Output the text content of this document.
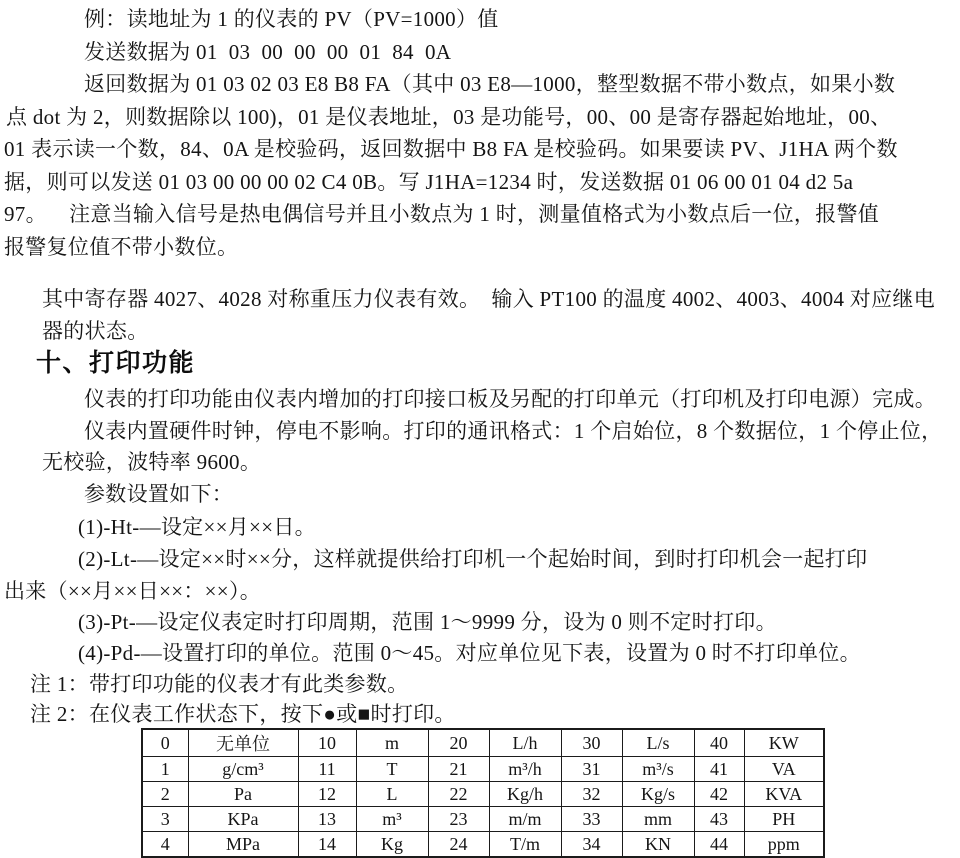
例：读地址为 1 的仪表的 PV（PV=1000）值
发送数据为 01  03  00  00  00  01  84  0A
返回数据为 01 03 02 03 E8 B8 FA（其中 03 E8—1000，整型数据不带小数点，如果小数
点 dot 为 2，则数据除以 100)，01 是仪表地址，03 是功能号，00、00 是寄存器起始地址，00、
01 表示读一个数，84、0A 是校验码，返回数据中 B8 FA 是校验码。如果要读 PV、J1HA 两个数
据，则可以发送 01 03 00 00 00 02 C4 0B。写 J1HA=1234 时，发送数据 01 06 00 01 04 d2 5a
97。    注意当输入信号是热电偶信号并且小数点为 1 时，测量值格式为小数点后一位，报警值
报警复位值不带小数位。
其中寄存器 4027、4028 对称重压力仪表有效。  输入 PT100 的温度 4002、4003、4004 对应继电
器的状态。
十、打印功能
仪表的打印功能由仪表内增加的打印接口板及另配的打印单元（打印机及打印电源）完成。
仪表内置硬件时钟，停电不影响。打印的通讯格式：1 个启始位，8 个数据位，1 个停止位，
无校验，波特率 9600。
参数设置如下：
(1)-Ht-—设定××月××日。
(2)-Lt-—设定××时××分，这样就提供给打印机一个起始时间，到时打印机会一起打印
出来（××月××日××：××）。
(3)-Pt-—设定仪表定时打印周期，范围 1～9999 分，设为 0 则不定时打印。
(4)-Pd-—设置打印的单位。范围 0～45。对应单位见下表，设置为 0 时不打印单位。
注 1：带打印功能的仪表才有此类参数。
注 2：在仪表工作状态下，按下●或■时打印。
0	无单位	10	m	20	L/h	30	L/s	40	KW
1	g/cm³	11	T	21	m³/h	31	m³/s	41	VA
2	Pa	12	L	22	Kg/h	32	Kg/s	42	KVA
3	KPa	13	m³	23	m/m	33	mm	43	PH
4	MPa	14	Kg	24	T/m	34	KN	44	ppm
